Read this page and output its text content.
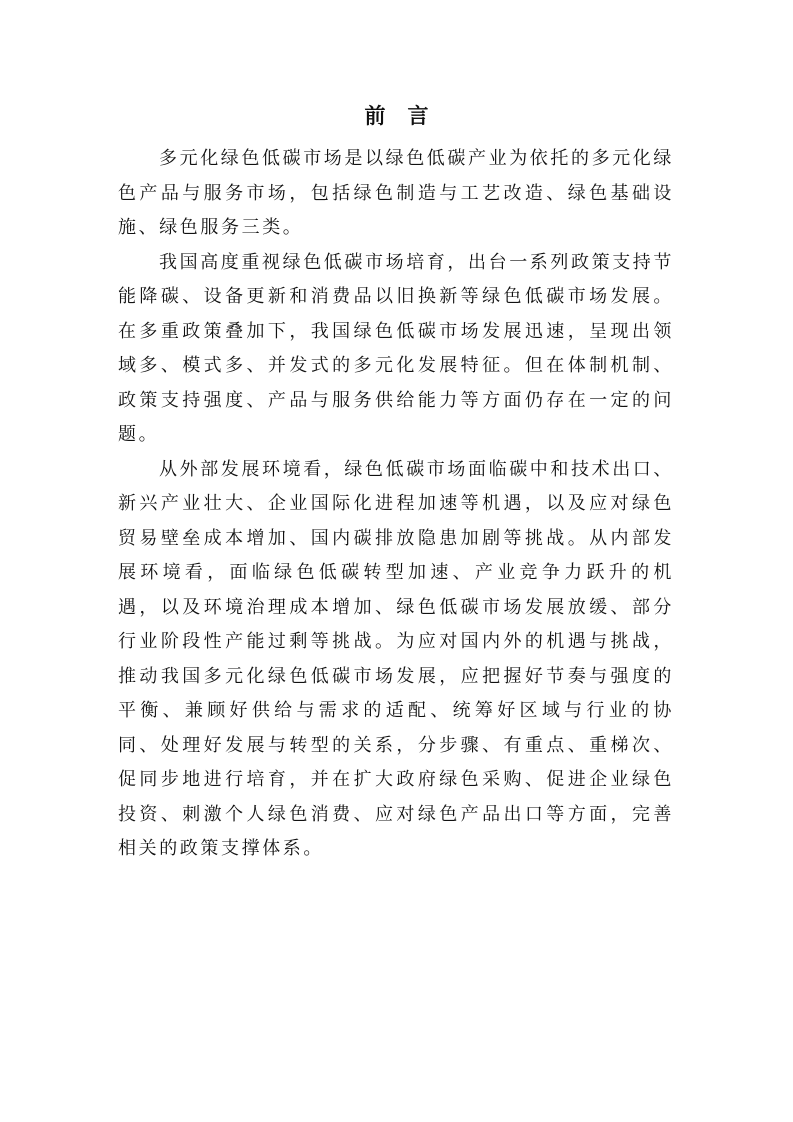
前言

多元化绿色低碳市场是以绿色低碳产业为依托的多元化绿色产品与服务市场，包括绿色制造与工艺改造、绿色基础设施、绿色服务三类。

我国高度重视绿色低碳市场培育，出台一系列政策支持节能降碳、设备更新和消费品以旧换新等绿色低碳市场发展。在多重政策叠加下，我国绿色低碳市场发展迅速，呈现出领域多、模式多、并发式的多元化发展特征。但在体制机制、政策支持强度、产品与服务供给能力等方面仍存在一定的问题。

从外部发展环境看，绿色低碳市场面临碳中和技术出口、新兴产业壮大、企业国际化进程加速等机遇，以及应对绿色贸易壁垒成本增加、国内碳排放隐患加剧等挑战。从内部发展环境看，面临绿色低碳转型加速、产业竞争力跃升的机遇，以及环境治理成本增加、绿色低碳市场发展放缓、部分行业阶段性产能过剩等挑战。为应对国内外的机遇与挑战，推动我国多元化绿色低碳市场发展，应把握好节奏与强度的平衡、兼顾好供给与需求的适配、统筹好区域与行业的协同、处理好发展与转型的关系，分步骤、有重点、重梯次、促同步地进行培育，并在扩大政府绿色采购、促进企业绿色投资、刺激个人绿色消费、应对绿色产品出口等方面，完善相关的政策支撑体系。
